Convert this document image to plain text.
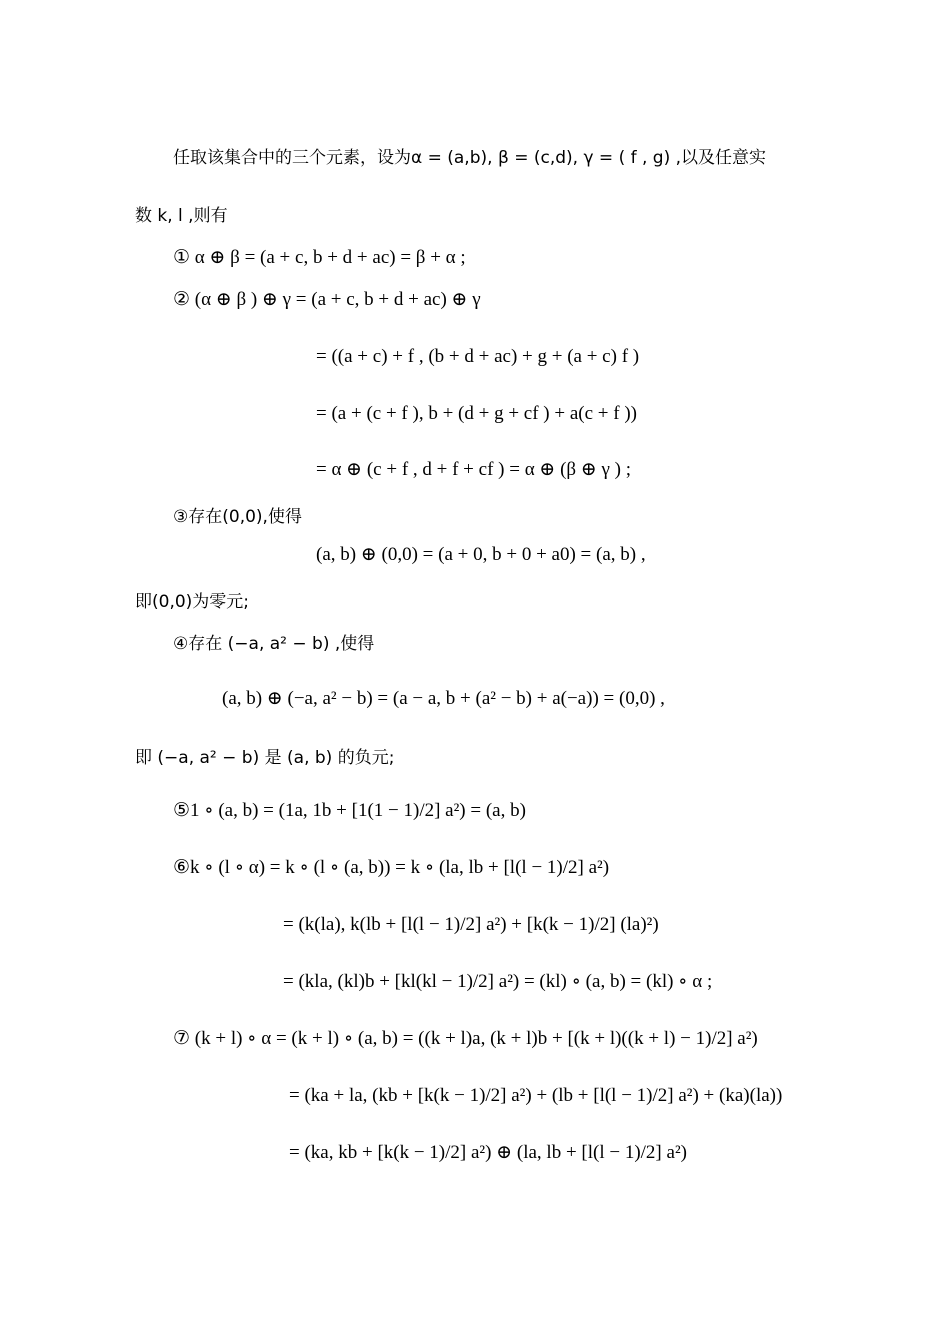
任取该集合中的三个元素，设为α = (a,b), β = (c,d), γ = ( f , g) ,以及任意实
数 k, l ,则有
① α ⊕ β = (a + c, b + d + ac) = β + α ;
② (α ⊕ β ) ⊕ γ = (a + c, b + d + ac) ⊕ γ
= ((a + c) + f , (b + d + ac) + g + (a + c) f )
= (a + (c + f ), b + (d + g + cf ) + a(c + f ))
= α ⊕ (c + f , d + f + cf ) = α ⊕ (β ⊕ γ ) ;
③存在(0,0),使得
(a, b) ⊕ (0,0) = (a + 0, b + 0 + a0) = (a, b) ,
即(0,0)为零元;
④存在 (−a, a² − b) ,使得
(a, b) ⊕ (−a, a² − b) = (a − a, b + (a² − b) + a(−a)) = (0,0) ,
即 (−a, a² − b) 是 (a, b) 的负元;
⑤1 ∘ (a, b) = (1a, 1b + [1(1 − 1)/2] a²) = (a, b)
⑥k ∘ (l ∘ α) = k ∘ (l ∘ (a, b)) = k ∘ (la, lb + [l(l − 1)/2] a²)
= (k(la), k(lb + [l(l − 1)/2] a²) + [k(k − 1)/2] (la)²)
= (kla, (kl)b + [kl(kl − 1)/2] a²) = (kl) ∘ (a, b) = (kl) ∘ α ;
⑦ (k + l) ∘ α = (k + l) ∘ (a, b) = ((k + l)a, (k + l)b + [(k + l)((k + l) − 1)/2] a²)
= (ka + la, (kb + [k(k − 1)/2] a²) + (lb + [l(l − 1)/2] a²) + (ka)(la))
= (ka, kb + [k(k − 1)/2] a²) ⊕ (la, lb + [l(l − 1)/2] a²)
